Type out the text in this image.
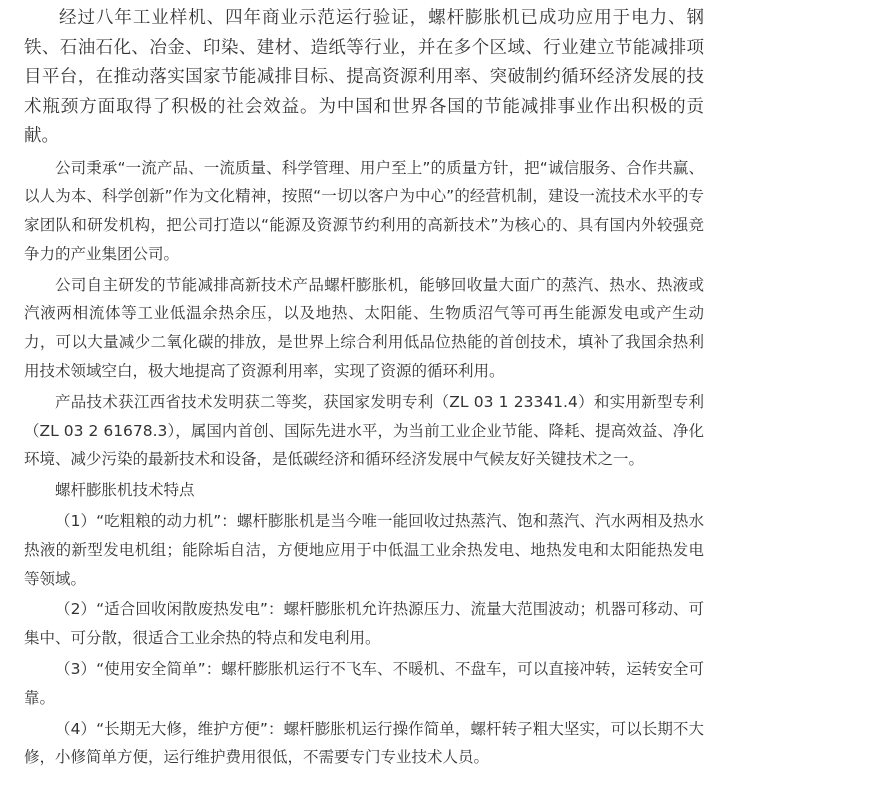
经过八年工业样机、四年商业示范运行验证，螺杆膨胀机已成功应用于电力、钢铁、石油石化、冶金、印染、建材、造纸等行业，并在多个区域、行业建立节能减排项目平台，在推动落实国家节能减排目标、提高资源利用率、突破制约循环经济发展的技术瓶颈方面取得了积极的社会效益。为中国和世界各国的节能减排事业作出积极的贡献。

公司秉承“一流产品、一流质量、科学管理、用户至上”的质量方针，把“诚信服务、合作共赢、以人为本、科学创新”作为文化精神，按照“一切以客户为中心”的经营机制，建设一流技术水平的专家团队和研发机构，把公司打造以“能源及资源节约利用的高新技术”为核心的、具有国内外较强竞争力的产业集团公司。

公司自主研发的节能减排高新技术产品螺杆膨胀机，能够回收量大面广的蒸汽、热水、热液或汽液两相流体等工业低温余热余压，以及地热、太阳能、生物质沼气等可再生能源发电或产生动力，可以大量减少二氧化碳的排放，是世界上综合利用低品位热能的首创技术，填补了我国余热利用技术领域空白，极大地提高了资源利用率，实现了资源的循环利用。

产品技术获江西省技术发明获二等奖，获国家发明专利（ZL 03 1 23341.4）和实用新型专利（ZL 03 2 61678.3），属国内首创、国际先进水平，为当前工业企业节能、降耗、提高效益、净化环境、减少污染的最新技术和设备，是低碳经济和循环经济发展中气候友好关键技术之一。

螺杆膨胀机技术特点

（1）“吃粗粮的动力机”：螺杆膨胀机是当今唯一能回收过热蒸汽、饱和蒸汽、汽水两相及热水热液的新型发电机组；能除垢自洁，方便地应用于中低温工业余热发电、地热发电和太阳能热发电等领域。

（2）“适合回收闲散废热发电”：螺杆膨胀机允许热源压力、流量大范围波动；机器可移动、可集中、可分散，很适合工业余热的特点和发电利用。

（3）“使用安全简单”：螺杆膨胀机运行不飞车、不暖机、不盘车，可以直接冲转，运转安全可靠。

（4）“长期无大修，维护方便”：螺杆膨胀机运行操作简单，螺杆转子粗大坚实，可以长期不大修，小修简单方便，运行维护费用很低，不需要专门专业技术人员。
